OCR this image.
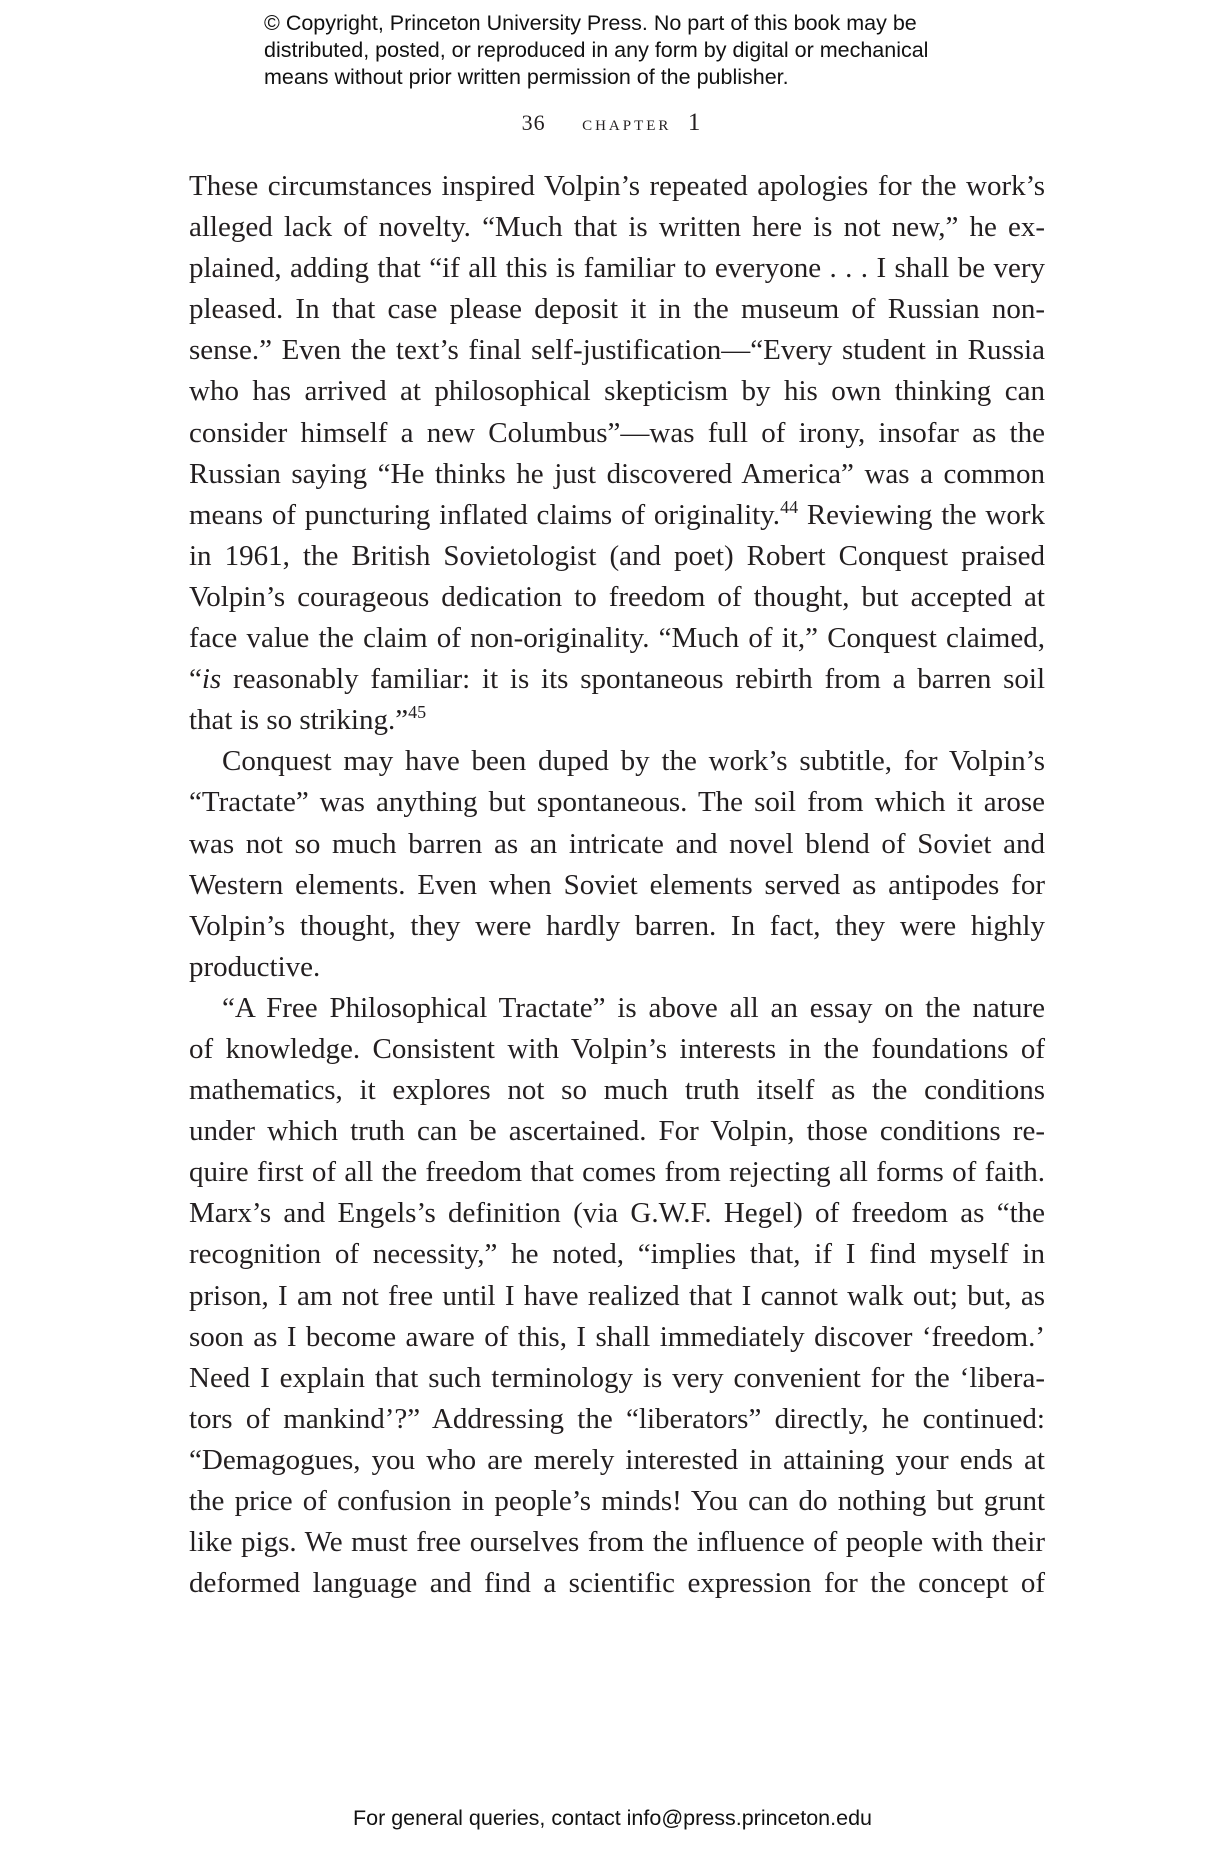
© Copyright, Princeton University Press. No part of this book may be
distributed, posted, or reproduced in any form by digital or mechanical
means without prior written permission of the publisher.
36 chapter 1
These circumstances inspired Volpin’s repeated apologies for the work’s
alleged lack of novelty. “Much that is written here is not new,” he ex-
plained, adding that “if all this is familiar to everyone . . . I shall be very
pleased. In that case please deposit it in the museum of Russian non-
sense.” Even the text’s final self-justification—“Every student in Russia
who has arrived at philosophical skepticism by his own thinking can
consider himself a new Columbus”—was full of irony, insofar as the
Russian saying “He thinks he just discovered America” was a common
means of puncturing inflated claims of originality.$^{44}$ Reviewing the work
in 1961, the British Sovietologist (and poet) Robert Conquest praised
Volpin’s courageous dedication to freedom of thought, but accepted at
face value the claim of non-originality. “Much of it,” Conquest claimed,
“is reasonably familiar: it is its spontaneous rebirth from a barren soil
that is so striking.”$^{45}$
Conquest may have been duped by the work’s subtitle, for Volpin’s
“Tractate” was anything but spontaneous. The soil from which it arose
was not so much barren as an intricate and novel blend of Soviet and
Western elements. Even when Soviet elements served as antipodes for
Volpin’s thought, they were hardly barren. In fact, they were highly
productive.
“A Free Philosophical Tractate” is above all an essay on the nature
of knowledge. Consistent with Volpin’s interests in the foundations of
mathematics, it explores not so much truth itself as the conditions
under which truth can be ascertained. For Volpin, those conditions re-
quire first of all the freedom that comes from rejecting all forms of faith.
Marx’s and Engels’s definition (via G.W.F. Hegel) of freedom as “the
recognition of necessity,” he noted, “implies that, if I find myself in
prison, I am not free until I have realized that I cannot walk out; but, as
soon as I become aware of this, I shall immediately discover ‘freedom.’
Need I explain that such terminology is very convenient for the ‘libera-
tors of mankind’?” Addressing the “liberators” directly, he continued:
“Demagogues, you who are merely interested in attaining your ends at
the price of confusion in people’s minds! You can do nothing but grunt
like pigs. We must free ourselves from the influence of people with their
deformed language and find a scientific expression for the concept of
For general queries, contact info@press.princeton.edu
